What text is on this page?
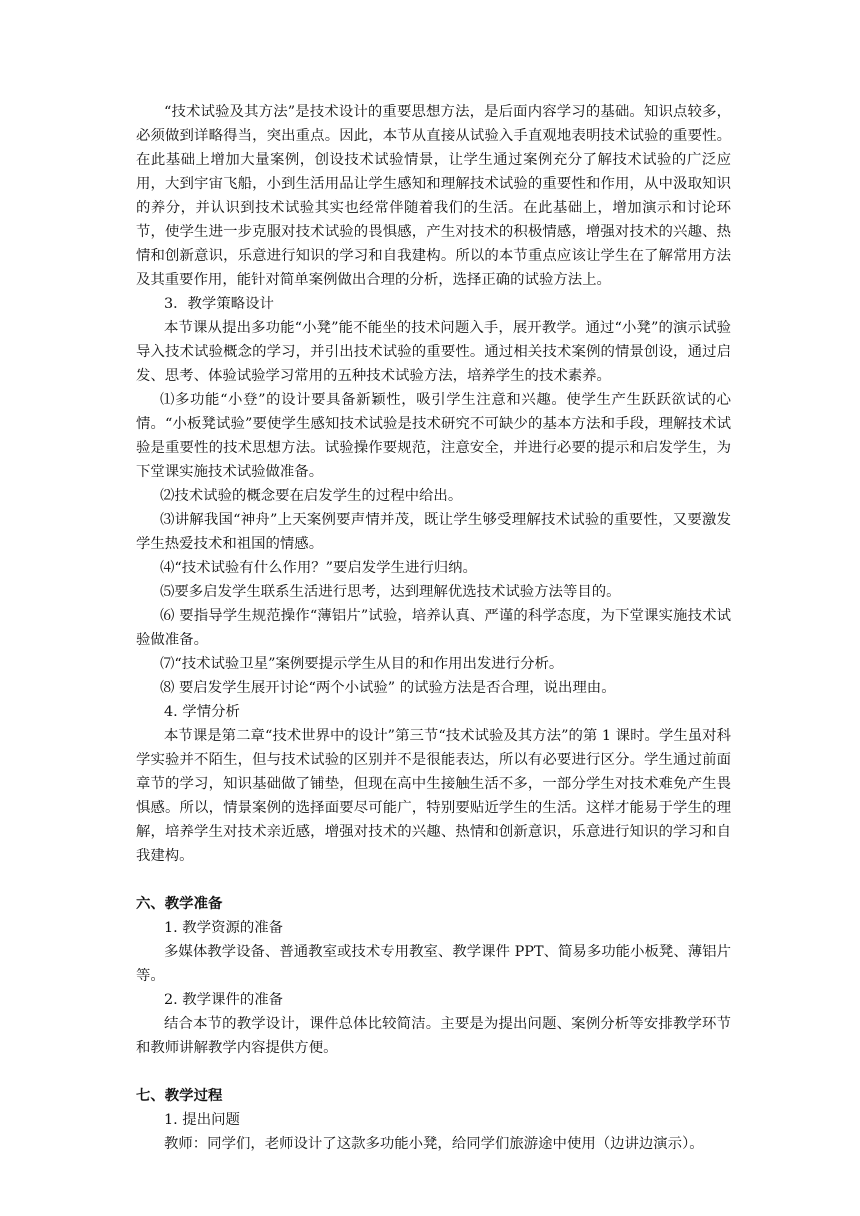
“技术试验及其方法”是技术设计的重要思想方法，是后面内容学习的基础。知识点较多，必须做到详略得当，突出重点。因此，本节从直接从试验入手直观地表明技术试验的重要性。在此基础上增加大量案例，创设技术试验情景，让学生通过案例充分了解技术试验的广泛应用，大到宇宙飞船，小到生活用品让学生感知和理解技术试验的重要性和作用，从中汲取知识的养分，并认识到技术试验其实也经常伴随着我们的生活。在此基础上，增加演示和讨论环节，使学生进一步克服对技术试验的畏惧感，产生对技术的积极情感，增强对技术的兴趣、热情和创新意识，乐意进行知识的学习和自我建构。所以的本节重点应该让学生在了解常用方法及其重要作用，能针对简单案例做出合理的分析，选择正确的试验方法上。

3．教学策略设计

本节课从提出多功能“小凳”能不能坐的技术问题入手，展开教学。通过“小凳”的演示试验导入技术试验概念的学习，并引出技术试验的重要性。通过相关技术案例的情景创设，通过启发、思考、体验试验学习常用的五种技术试验方法，培养学生的技术素养。

⑴多功能“小登”的设计要具备新颖性，吸引学生注意和兴趣。使学生产生跃跃欲试的心情。“小板凳试验”要使学生感知技术试验是技术研究不可缺少的基本方法和手段，理解技术试验是重要性的技术思想方法。试验操作要规范，注意安全，并进行必要的提示和启发学生，为下堂课实施技术试验做准备。

⑵技术试验的概念要在启发学生的过程中给出。

⑶讲解我国“神舟”上天案例要声情并茂，既让学生够受理解技术试验的重要性，又要激发学生热爱技术和祖国的情感。

⑷“技术试验有什么作用？”要启发学生进行归纳。

⑸要多启发学生联系生活进行思考，达到理解优选技术试验方法等目的。

⑹ 要指导学生规范操作“薄铝片”试验，培养认真、严谨的科学态度，为下堂课实施技术试验做准备。

⑺“技术试验卫星”案例要提示学生从目的和作用出发进行分析。

⑻ 要启发学生展开讨论“两个小试验” 的试验方法是否合理，说出理由。

4. 学情分析

本节课是第二章“技术世界中的设计”第三节“技术试验及其方法”的第 1 课时。学生虽对科学实验并不陌生，但与技术试验的区别并不是很能表达，所以有必要进行区分。学生通过前面章节的学习，知识基础做了铺垫，但现在高中生接触生活不多，一部分学生对技术难免产生畏惧感。所以，情景案例的选择面要尽可能广，特别要贴近学生的生活。这样才能易于学生的理解，培养学生对技术亲近感，增强对技术的兴趣、热情和创新意识，乐意进行知识的学习和自我建构。

六、教学准备

1. 教学资源的准备

多媒体教学设备、普通教室或技术专用教室、教学课件 PPT、简易多功能小板凳、薄铝片等。

2. 教学课件的准备

结合本节的教学设计，课件总体比较简洁。主要是为提出问题、案例分析等安排教学环节和教师讲解教学内容提供方便。

七、教学过程

1. 提出问题

教师：同学们，老师设计了这款多功能小凳，给同学们旅游途中使用（边讲边演示）。
